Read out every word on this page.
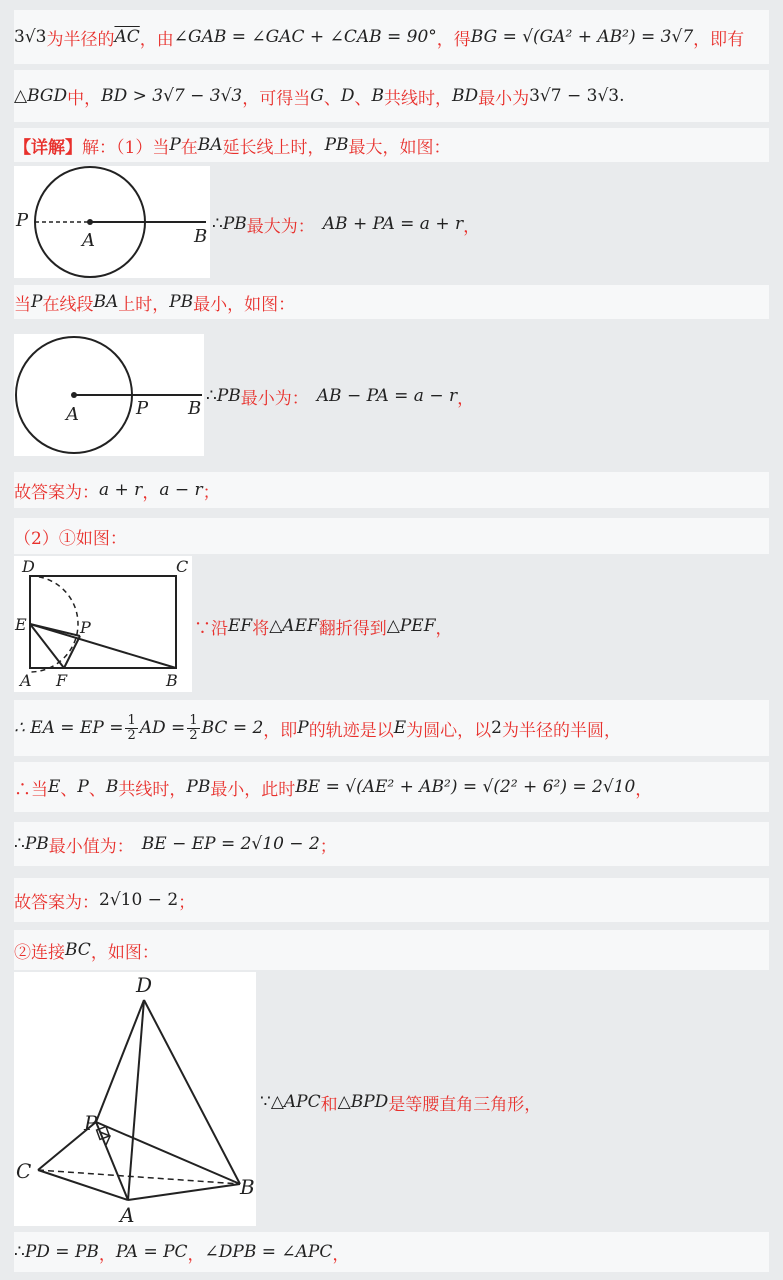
3√3 为半径的 $\overline{AC}$ ，由 ∠GAB = ∠GAC + ∠CAB = 90° ，得 BG = √(GA² + AB²) = 3√7 ，即有
△BGD 中， BD > 3√7 − 3√3 ，可得当 G 、 D 、 B 共线时， BD 最小为 3√7 − 3√3 .
【详解】 解：（1）当 P 在 BA 延长线上时， PB 最大，如图：
P
A	B
∴ PB 最大为： AB + PA = a + r ，
当 P 在线段 BA 上时， PB 最小，如图：
A	P B
∴ PB 最小为： AB − PA = a − r ，
故答案为： a + r ， a − r ；
（2）①如图：
D	C
E	P
A F	B
∵沿 EF 将 △AEF 翻折得到 △PEF ，
∴ EA = EP = $\frac{1}{2}$ AD = $\frac{1}{2}$ BC = 2 ，即 P 的轨迹是以 E 为圆心，以 2 为半径的半圆，
∴当 E 、 P 、 B 共线时， PB 最小，此时 BE = √(AE² + AB²) = √(2² + 6²) = 2√10 ，
∴ PB 最小值为： BE − EP = 2√10 − 2 ；
故答案为： 2√10 − 2 ；
②连接 BC ，如图：
D
P
C
A
B
∵ △APC 和 △BPD 是等腰直角三角形，
∴ PD = PB ， PA = PC ， ∠DPB = ∠APC ，
